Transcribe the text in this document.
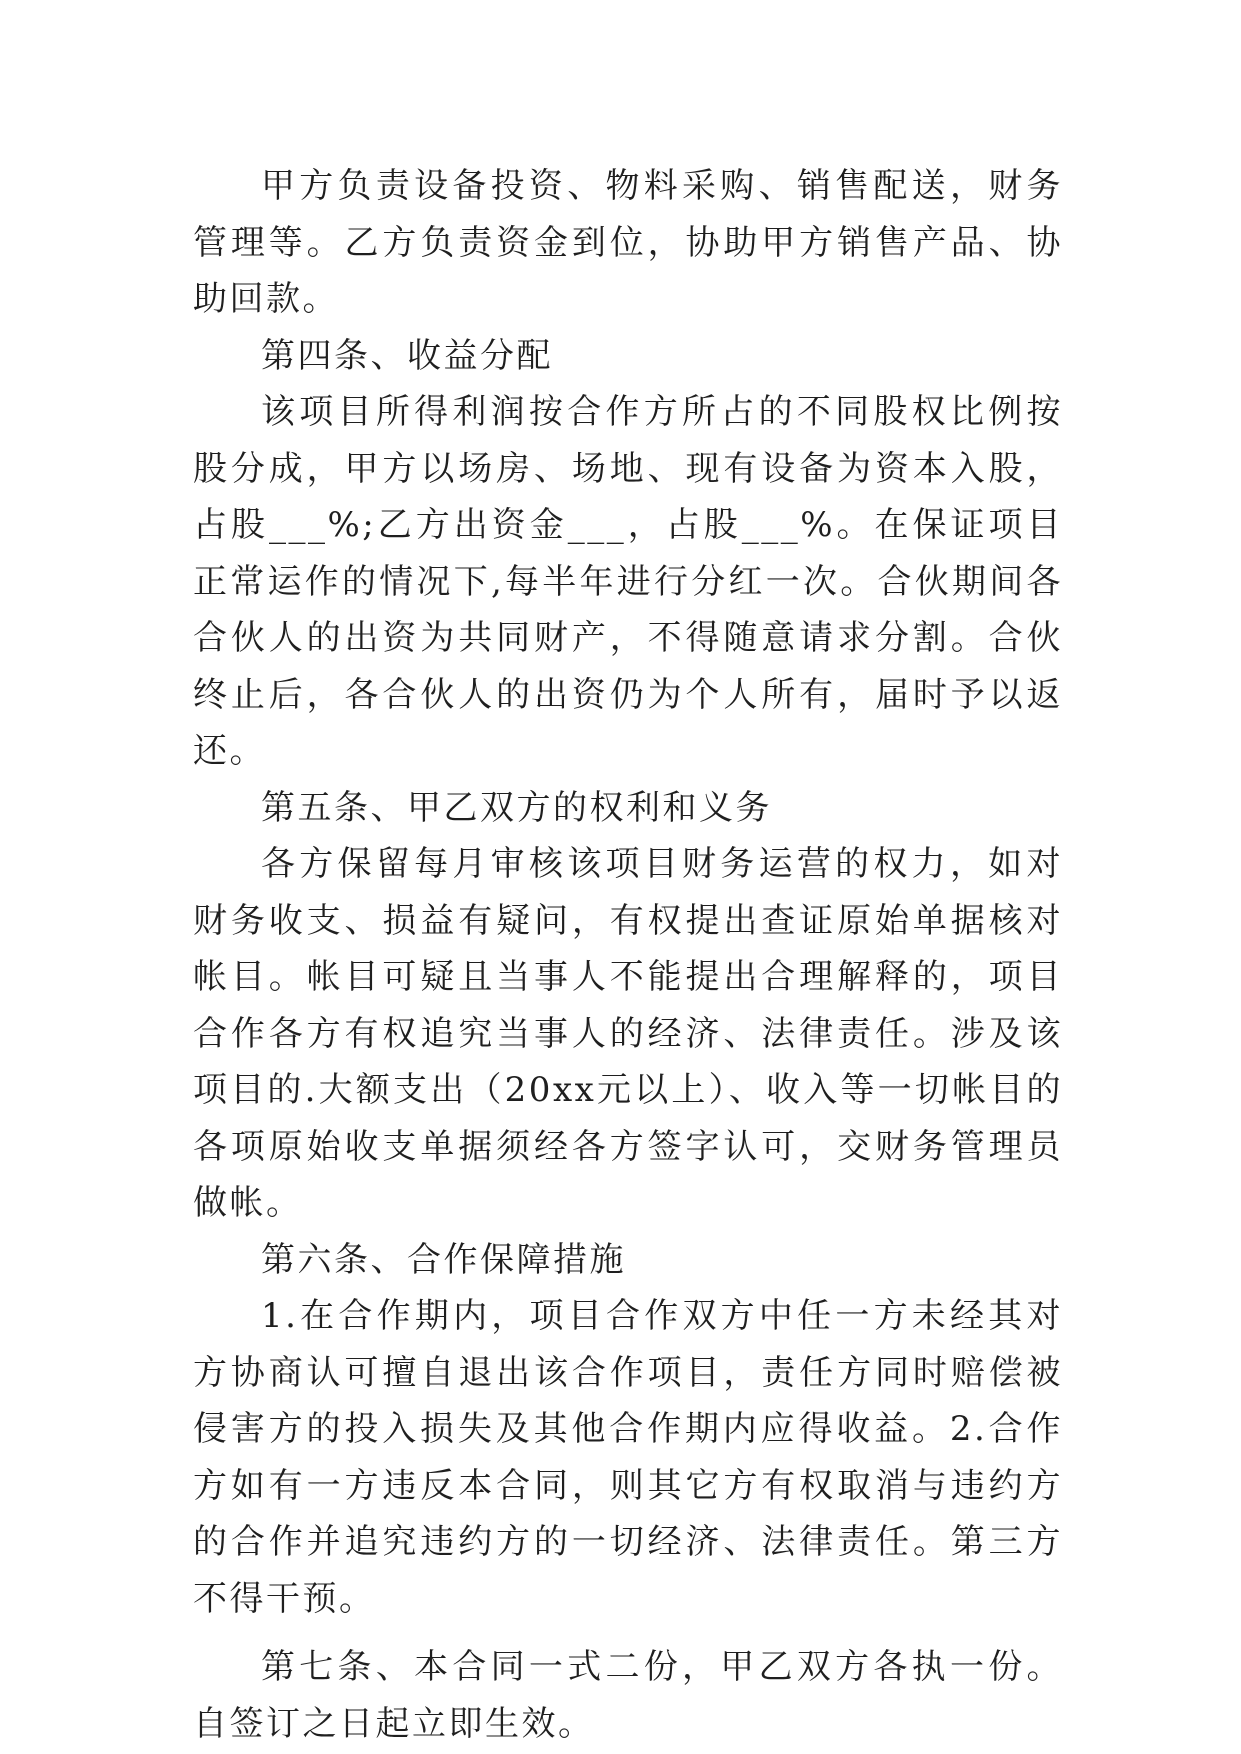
甲方负责设备投资、物料采购、销售配送，财务管理等。乙方负责资金到位，协助甲方销售产品、协助回款。

第四条、收益分配

该项目所得利润按合作方所占的不同股权比例按股分成，甲方以场房、场地、现有设备为资本入股，占股___%;乙方出资金___，占股___%。在保证项目正常运作的情况下,每半年进行分红一次。合伙期间各合伙人的出资为共同财产，不得随意请求分割。合伙终止后，各合伙人的出资仍为个人所有，届时予以返还。

第五条、甲乙双方的权利和义务

各方保留每月审核该项目财务运营的权力，如对财务收支、损益有疑问，有权提出查证原始单据核对帐目。帐目可疑且当事人不能提出合理解释的，项目合作各方有权追究当事人的经济、法律责任。涉及该项目的.大额支出（20xx元以上）、收入等一切帐目的各项原始收支单据须经各方签字认可，交财务管理员做帐。

第六条、合作保障措施

1.在合作期内，项目合作双方中任一方未经其对方协商认可擅自退出该合作项目，责任方同时赔偿被侵害方的投入损失及其他合作期内应得收益。2.合作方如有一方违反本合同，则其它方有权取消与违约方的合作并追究违约方的一切经济、法律责任。第三方不得干预。

第七条、本合同一式二份，甲乙双方各执一份。自签订之日起立即生效。
